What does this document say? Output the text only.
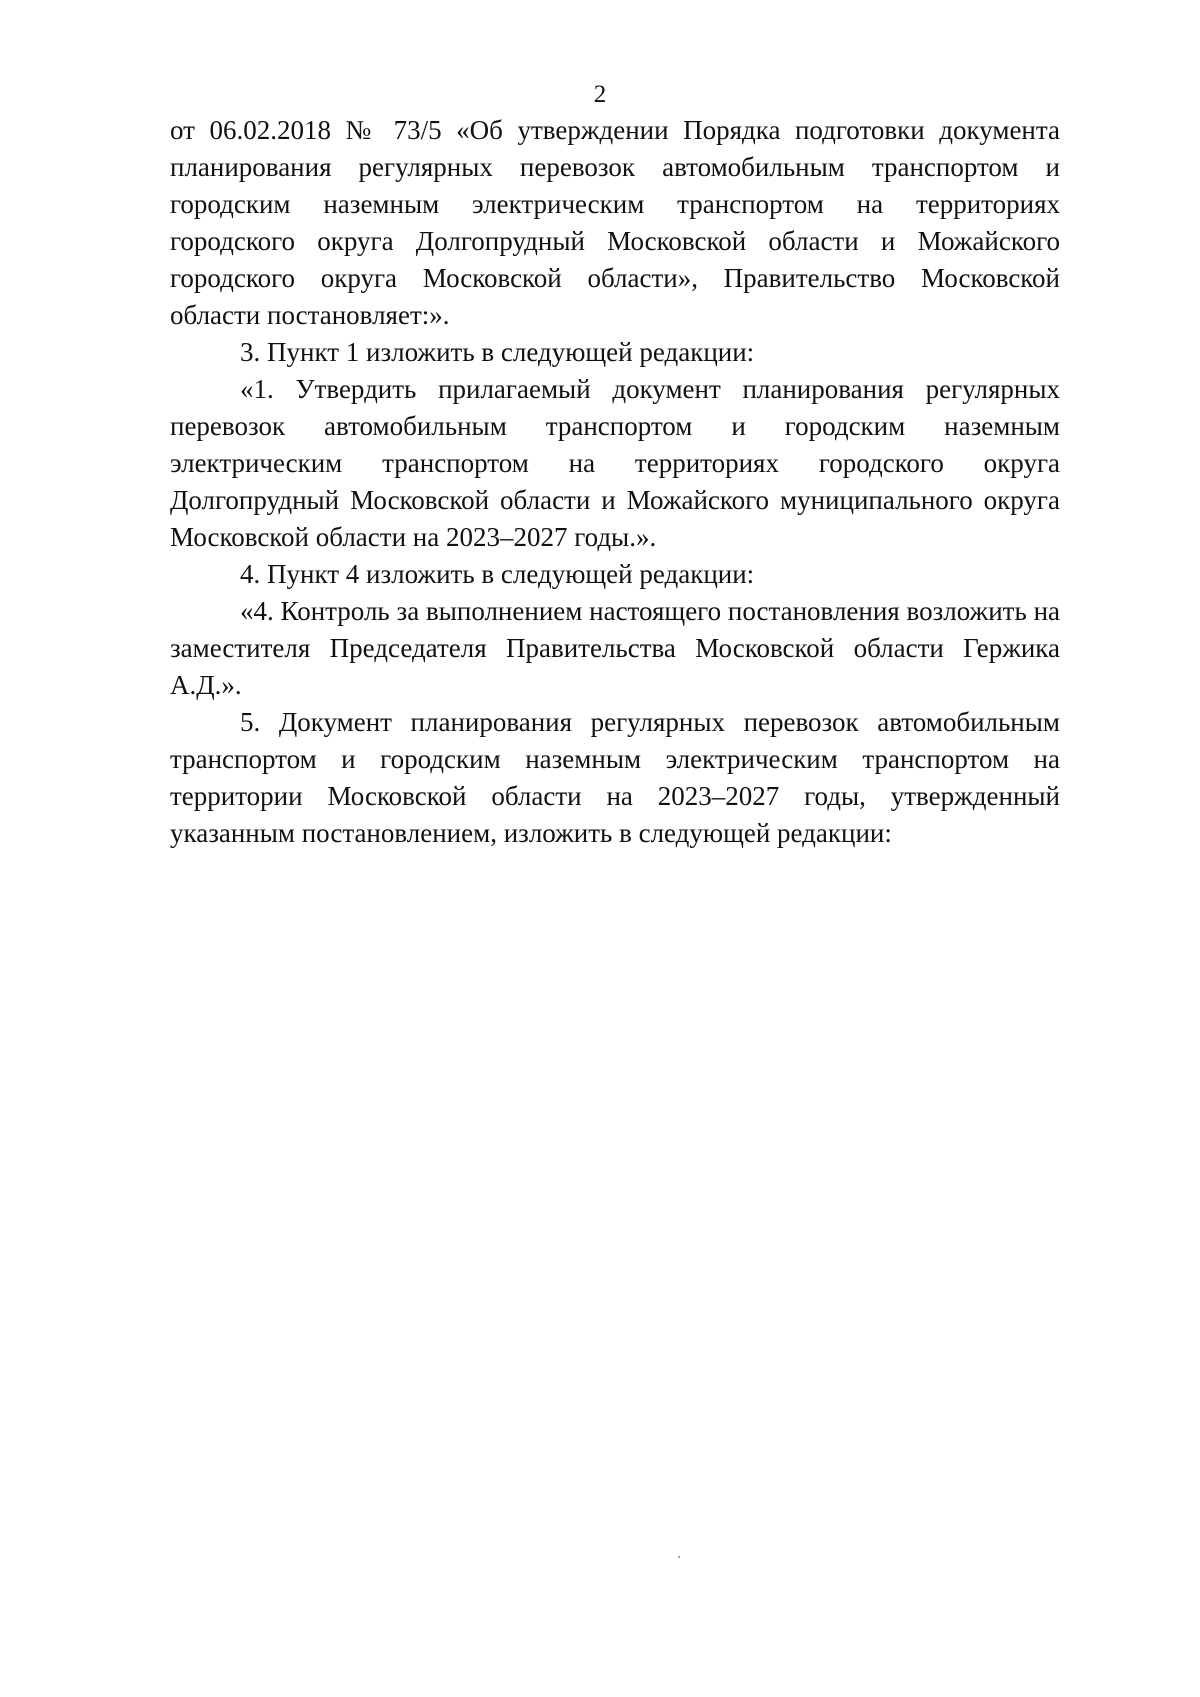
2

от 06.02.2018 № 73/5 «Об утверждении Порядка подготовки документа планирования регулярных перевозок автомобильным транспортом и городским наземным электрическим транспортом на территориях городского округа Долгопрудный Московской области и Можайского городского округа Московской области», Правительство Московской области постановляет:».

3. Пункт 1 изложить в следующей редакции:

«1. Утвердить прилагаемый документ планирования регулярных перевозок автомобильным транспортом и городским наземным электрическим транспортом на территориях городского округа Долгопрудный Московской области и Можайского муниципального округа Московской области на 2023–2027 годы.».

4. Пункт 4 изложить в следующей редакции:

«4. Контроль за выполнением настоящего постановления возложить на заместителя Председателя Правительства Московской области Гержика А.Д.».

5. Документ планирования регулярных перевозок автомобильным транспортом и городским наземным электрическим транспортом на территории Московской области на 2023–2027 годы, утвержденный указанным постановлением, изложить в следующей редакции:
